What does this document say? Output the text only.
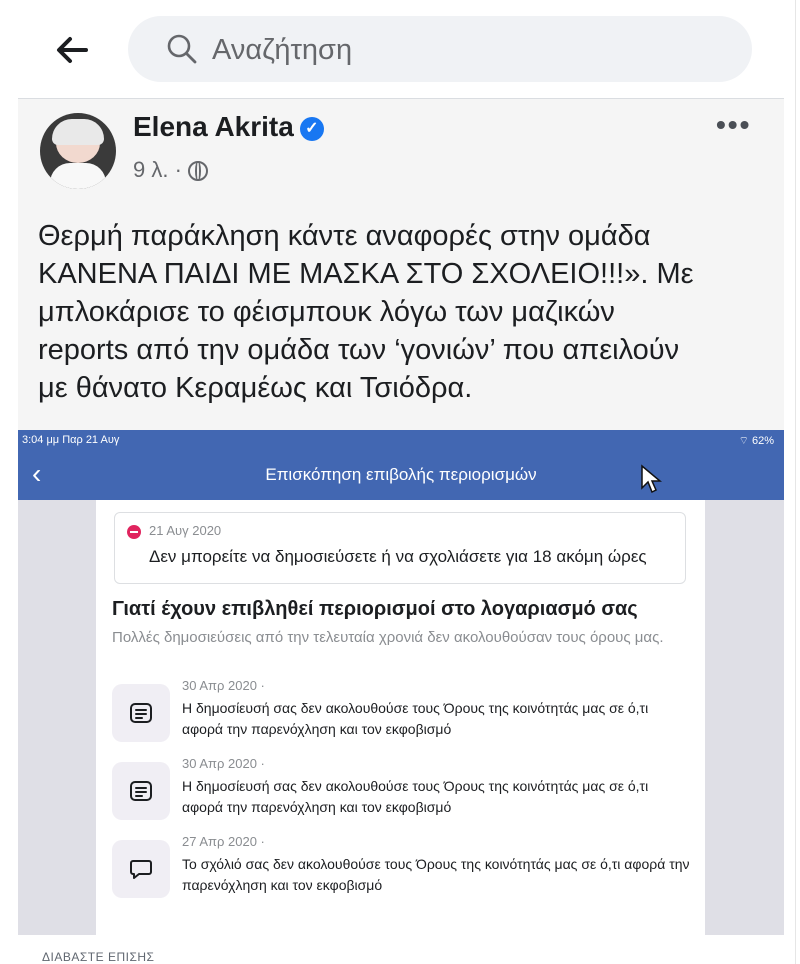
Αναζήτηση
Elena Akrita ✓
9 λ. ·
•••
Θερμή παράκληση κάντε αναφορές στην ομάδα
ΚΑΝΕΝΑ ΠΑΙΔΙ ΜΕ ΜΑΣΚΑ ΣΤΟ ΣΧΟΛΕΙΟ!!!». Με
μπλοκάρισε το φέισμπουκ λόγω των μαζικών
reports από την ομάδα των ‘γονιών’ που απειλούν
με θάνατο Κεραμέως και Τσιόδρα.
3:04 μμ Παρ 21 Αυγ	⌔ 62%
‹	Επισκόπηση επιβολής περιορισμών
21 Αυγ 2020
Δεν μπορείτε να δημοσιεύσετε ή να σχολιάσετε για 18 ακόμη ώρες
Γιατί έχουν επιβληθεί περιορισμοί στο λογαριασμό σας
Πολλές δημοσιεύσεις από την τελευταία χρονιά δεν ακολουθούσαν τους όρους μας.
30 Απρ 2020 ·
Η δημοσίευσή σας δεν ακολουθούσε τους Όρους της κοινότητάς μας σε ό,τι αφορά την παρενόχληση και τον εκφοβισμό
30 Απρ 2020 ·
Η δημοσίευσή σας δεν ακολουθούσε τους Όρους της κοινότητάς μας σε ό,τι αφορά την παρενόχληση και τον εκφοβισμό
27 Απρ 2020 ·
Το σχόλιό σας δεν ακολουθούσε τους Όρους της κοινότητάς μας σε ό,τι αφορά την παρενόχληση και τον εκφοβισμό
ΔΙΑΒΑΣΤΕ ΕΠΙΣΗΣ
